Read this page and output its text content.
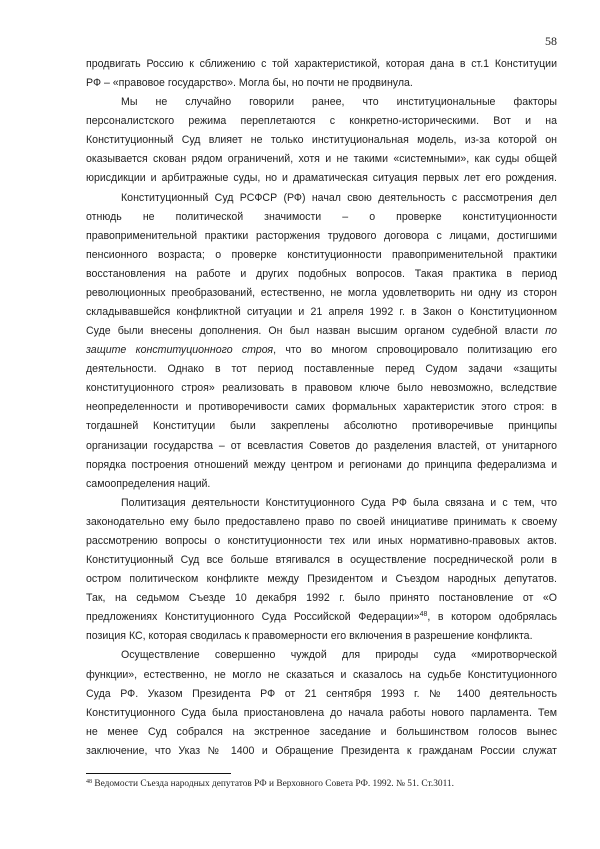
58
продвигать Россию к сближению с той характеристикой, которая дана в ст.1 Конституции
РФ – «правовое государство». Могла бы, но почти не продвинула.
Мы не случайно говорили ранее, что институциональные факторы
персоналистского режима переплетаются с конкретно-историческими. Вот и на
Конституционный Суд влияет не только институциональная модель, из-за которой он
оказывается скован рядом ограничений, хотя и не такими «системными», как суды общей
юрисдикции и арбитражные суды, но и драматическая ситуация первых лет его рождения.
Конституционный Суд РСФСР (РФ) начал свою деятельность с рассмотрения дел
отнюдь не политической значимости – о проверке конституционности
правоприменительной практики расторжения трудового договора с лицами, достигшими
пенсионного возраста; о проверке конституционности правоприменительной практики
восстановления на работе и других подобных вопросов. Такая практика в период
революционных преобразований, естественно, не могла удовлетворить ни одну из сторон
складывавшейся конфликтной ситуации и 21 апреля 1992 г. в Закон о Конституционном
Суде были внесены дополнения. Он был назван высшим органом судебной власти по
защите конституционного строя, что во многом спровоцировало политизацию его
деятельности. Однако в тот период поставленные перед Судом задачи «защиты
конституционного строя» реализовать в правовом ключе было невозможно, вследствие
неопределенности и противоречивости самих формальных характеристик этого строя: в
тогдашней Конституции были закреплены абсолютно противоречивые принципы
организации государства – от всевластия Советов до разделения властей, от унитарного
порядка построения отношений между центром и регионами до принципа федерализма и
самоопределения наций.
Политизация деятельности Конституционного Суда РФ была связана и с тем, что
законодательно ему было предоставлено право по своей инициативе принимать к своему
рассмотрению вопросы о конституционности тех или иных нормативно-правовых актов.
Конституционный Суд все больше втягивался в осуществление посреднической роли в
остром политическом конфликте между Президентом и Съездом народных депутатов.
Так, на седьмом Съезде 10 декабря 1992 г. было принято постановление от «О
предложениях Конституционного Суда Российской Федерации»$^{48}$, в котором одобрялась
позиция КС, которая сводилась к правомерности его включения в разрешение конфликта.
Осуществление совершенно чуждой для природы суда «миротворческой
функции», естественно, не могло не сказаться и сказалось на судьбе Конституционного
Суда РФ. Указом Президента РФ от 21 сентября 1993 г. № 1400 деятельность
Конституционного Суда была приостановлена до начала работы нового парламента. Тем
не менее Суд собрался на экстренное заседание и большинством голосов вынес
заключение, что Указ № 1400 и Обращение Президента к гражданам России служат
$^{48}$ Ведомости Съезда народных депутатов РФ и Верховного Совета РФ. 1992. № 51. Ст.3011.
